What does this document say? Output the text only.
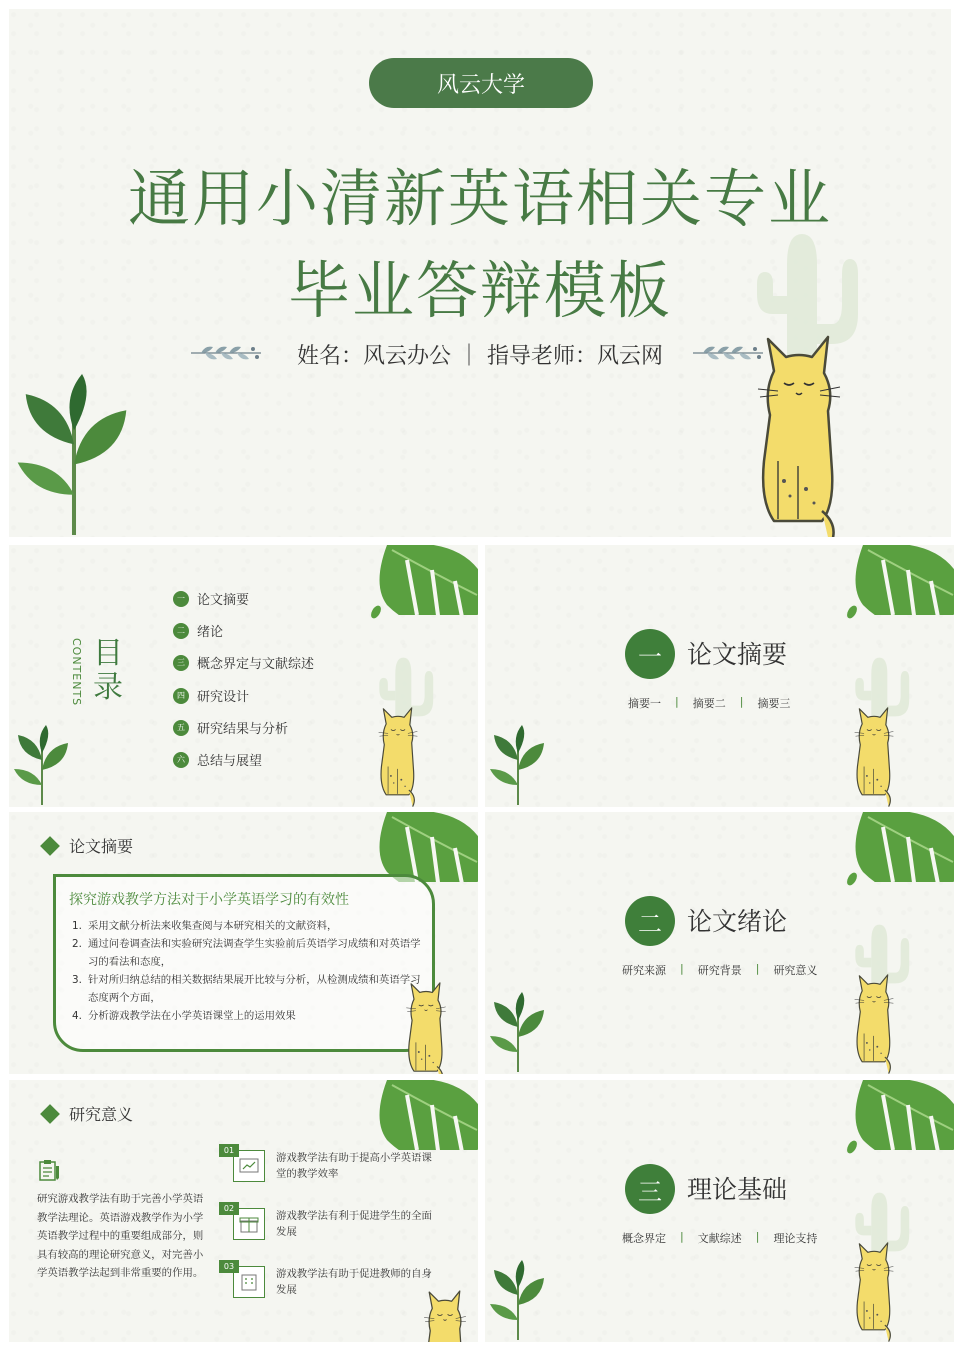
风云大学
通用小清新英语相关专业
毕业答辩模板
姓名：风云办公 ｜ 指导老师：风云网
CONTENTS 目录
一 论文摘要
二 绪论
三 概念界定与文献综述
四 研究设计
五 研究结果与分析
六 总结与展望
一	论文摘要
摘要一 | 摘要二 | 摘要三
论文摘要
探究游戏教学方法对于小学英语学习的有效性
1. 采用文献分析法来收集查阅与本研究相关的文献资料，
2. 通过问卷调查法和实验研究法调查学生实验前后英语学习成绩和对英语学习的看法和态度，
3. 针对所归纳总结的相关数据结果展开比较与分析，从检测成绩和英语学习态度两个方面，
4. 分析游戏教学法在小学英语课堂上的运用效果
二	论文绪论
研究来源 | 研究背景 | 研究意义
研究意义
研究游戏教学法有助于完善小学英语教学法理论。英语游戏教学作为小学英语教学过程中的重要组成部分，则具有较高的理论研究意义，对完善小学英语教学法起到非常重要的作用。
01
游戏教学法有助于提高小学英语课堂的教学效率
02
游戏教学法有利于促进学生的全面发展
03
游戏教学法有助于促进教师的自身发展
三	理论基础
概念界定 | 文献综述 | 理论支持
